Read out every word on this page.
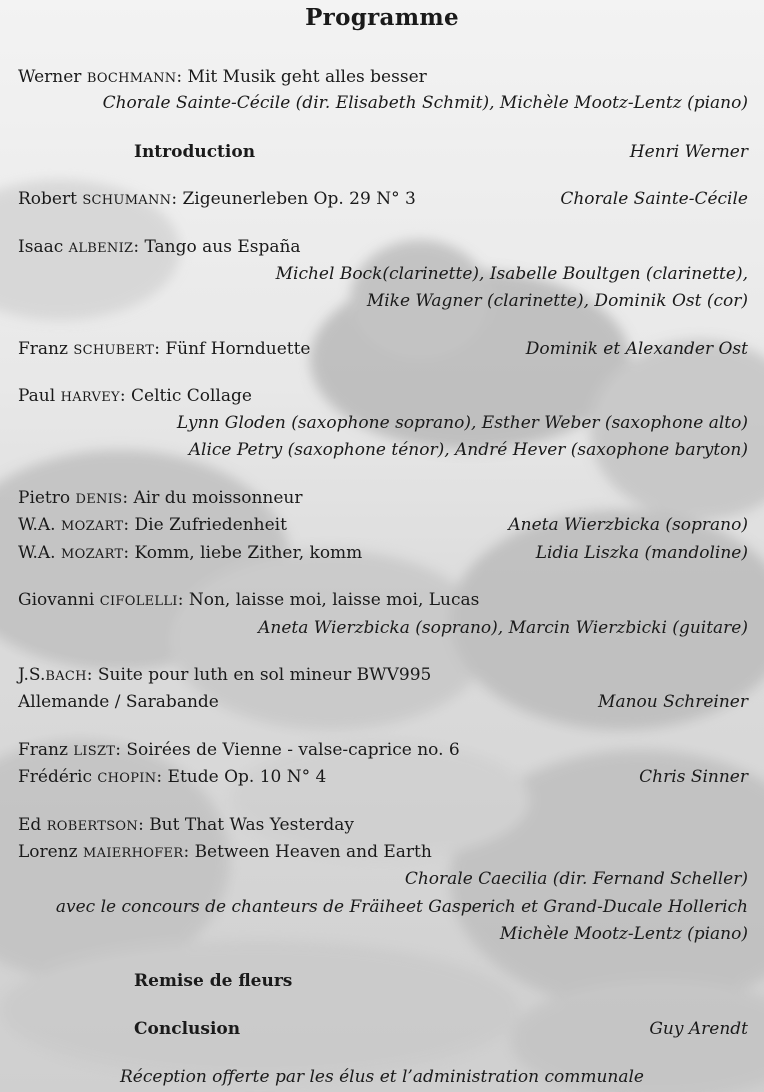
Programme
Werner BOCHMANN: Mit Musik geht alles besser
Chorale Sainte-Cécile (dir. Elisabeth Schmit), Michèle Mootz-Lentz (piano)
Introduction	Henri Werner
Robert SCHUMANN: Zigeunerleben Op. 29 N° 3	Chorale Sainte-Cécile
Isaac ALBENIZ: Tango aus España
Michel Bock(clarinette), Isabelle Boultgen (clarinette),
Mike Wagner (clarinette), Dominik Ost (cor)
Franz SCHUBERT: Fünf Hornduette	Dominik et Alexander Ost
Paul HARVEY: Celtic Collage
Lynn Gloden (saxophone soprano), Esther Weber (saxophone alto)
Alice Petry (saxophone ténor), André Hever (saxophone baryton)
Pietro DENIS: Air du moissonneur
W.A. MOZART: Die Zufriedenheit	Aneta Wierzbicka (soprano)
W.A. MOZART: Komm, liebe Zither, komm	Lidia Liszka (mandoline)
Giovanni CIFOLELLI: Non, laisse moi, laisse moi, Lucas
Aneta Wierzbicka (soprano), Marcin Wierzbicki (guitare)
J.S.BACH: Suite pour luth en sol mineur BWV995
Allemande / Sarabande	Manou Schreiner
Franz LISZT: Soirées de Vienne - valse-caprice no. 6
Frédéric CHOPIN: Etude Op. 10 N° 4	Chris Sinner
Ed ROBERTSON: But That Was Yesterday
Lorenz MAIERHOFER: Between Heaven and Earth
Chorale Caecilia (dir. Fernand Scheller)
avec le concours de chanteurs de Fräiheet Gasperich et Grand-Ducale Hollerich
Michèle Mootz-Lentz (piano)
Remise de fleurs
Conclusion	Guy Arendt
Réception offerte par les élus et l’administration communale
